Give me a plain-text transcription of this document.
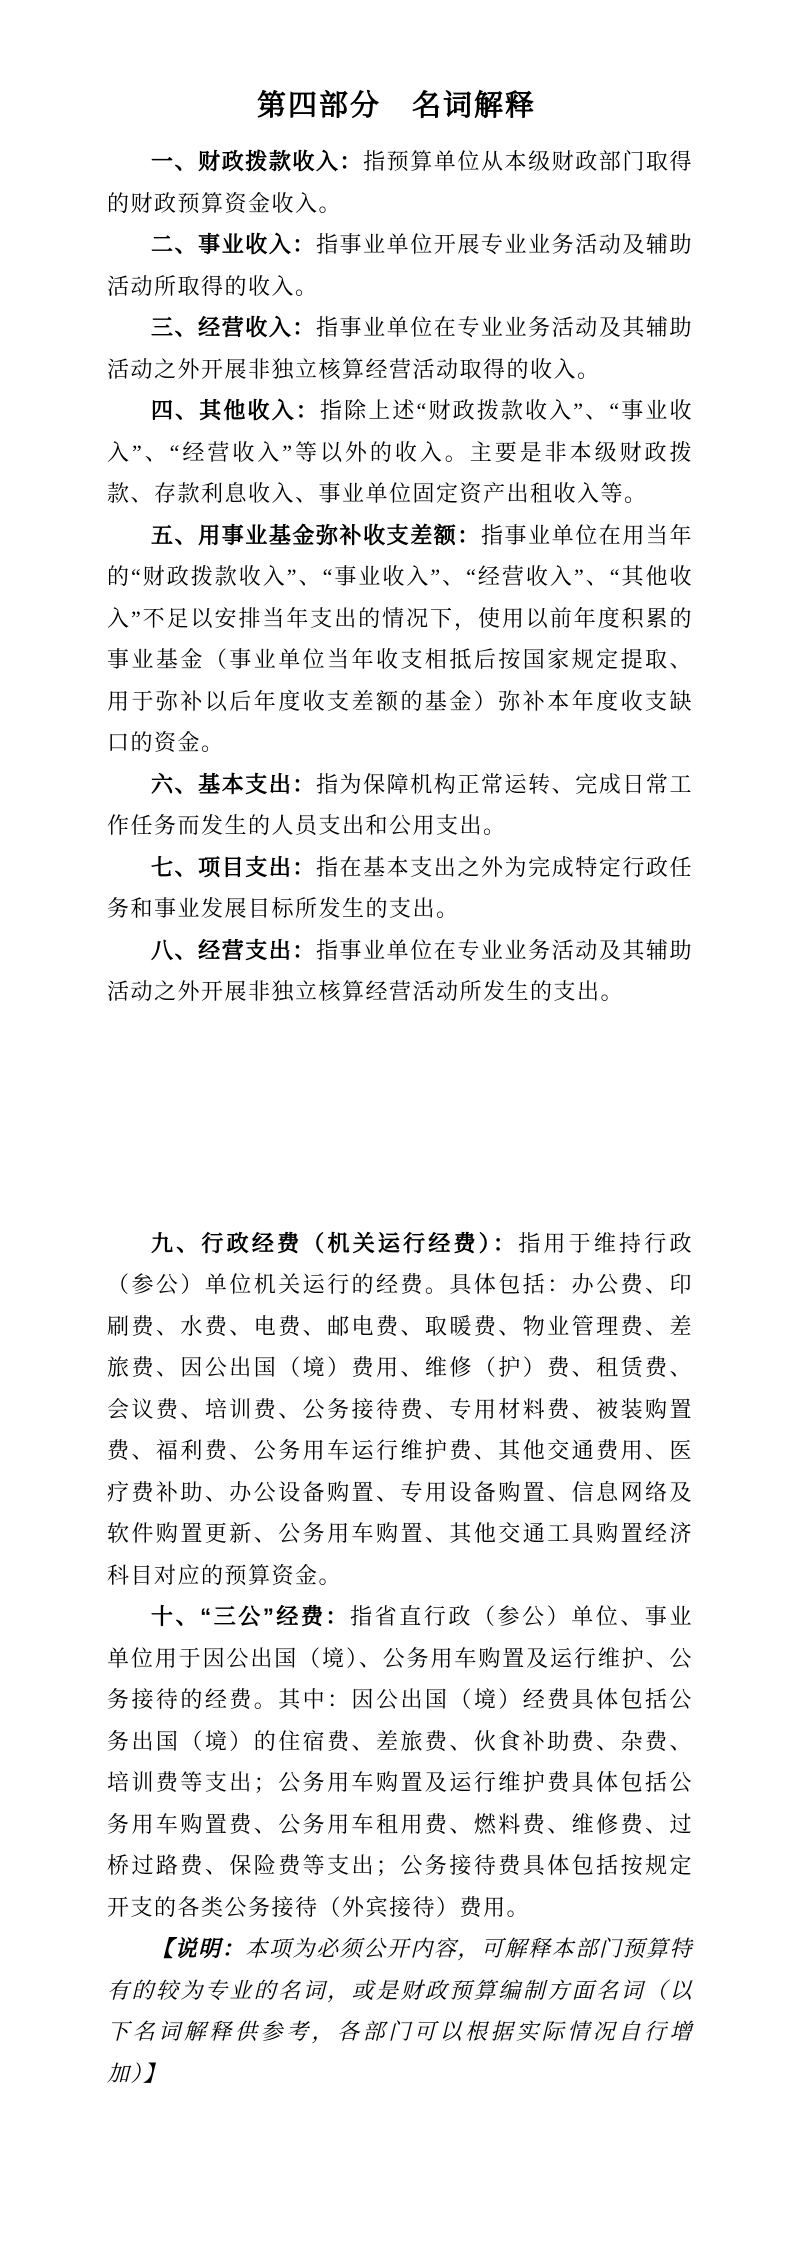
第四部分　名词解释

一、财政拨款收入：指预算单位从本级财政部门取得的财政预算资金收入。

二、事业收入：指事业单位开展专业业务活动及辅助活动所取得的收入。

三、经营收入：指事业单位在专业业务活动及其辅助活动之外开展非独立核算经营活动取得的收入。

四、其他收入：指除上述“财政拨款收入”、“事业收入”、“经营收入”等以外的收入。主要是非本级财政拨款、存款利息收入、事业单位固定资产出租收入等。

五、用事业基金弥补收支差额：指事业单位在用当年的“财政拨款收入”、“事业收入”、“经营收入”、“其他收入”不足以安排当年支出的情况下，使用以前年度积累的事业基金（事业单位当年收支相抵后按国家规定提取、用于弥补以后年度收支差额的基金）弥补本年度收支缺口的资金。

六、基本支出：指为保障机构正常运转、完成日常工作任务而发生的人员支出和公用支出。

七、项目支出：指在基本支出之外为完成特定行政任务和事业发展目标所发生的支出。

八、经营支出：指事业单位在专业业务活动及其辅助活动之外开展非独立核算经营活动所发生的支出。

九、行政经费（机关运行经费）：指用于维持行政（参公）单位机关运行的经费。具体包括：办公费、印刷费、水费、电费、邮电费、取暖费、物业管理费、差旅费、因公出国（境）费用、维修（护）费、租赁费、会议费、培训费、公务接待费、专用材料费、被装购置费、福利费、公务用车运行维护费、其他交通费用、医疗费补助、办公设备购置、专用设备购置、信息网络及软件购置更新、公务用车购置、其他交通工具购置经济科目对应的预算资金。

十、“三公”经费：指省直行政（参公）单位、事业单位用于因公出国（境）、公务用车购置及运行维护、公务接待的经费。其中：因公出国（境）经费具体包括公务出国（境）的住宿费、差旅费、伙食补助费、杂费、培训费等支出；公务用车购置及运行维护费具体包括公务用车购置费、公务用车租用费、燃料费、维修费、过桥过路费、保险费等支出；公务接待费具体包括按规定开支的各类公务接待（外宾接待）费用。

【说明：本项为必须公开内容，可解释本部门预算特有的较为专业的名词，或是财政预算编制方面名词（以下名词解释供参考，各部门可以根据实际情况自行增加）】
